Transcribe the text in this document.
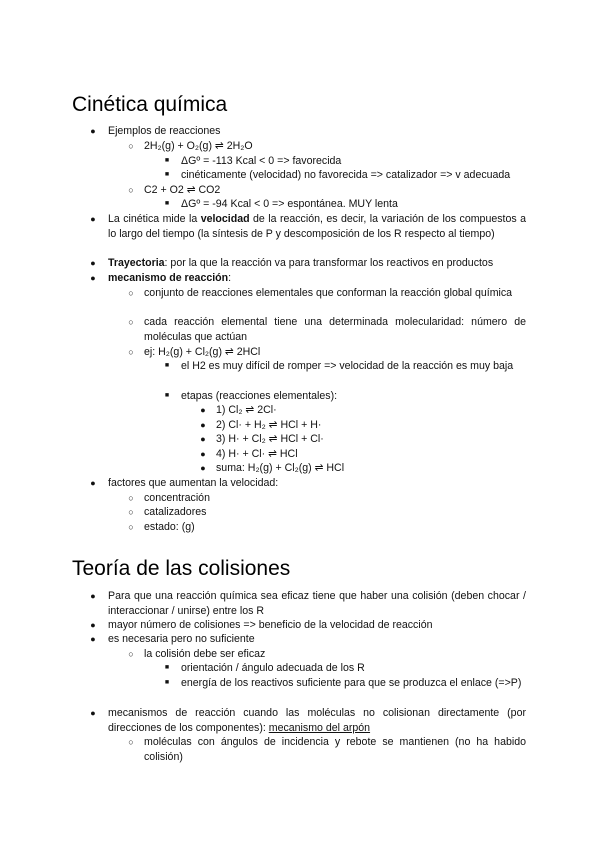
Cinética química
●	Ejemplos de reacciones
○ 2H₂(g) + O₂(g) ⇌ 2H₂O
■	ΔGº = -113 Kcal < 0 => favorecida
■	cinéticamente (velocidad) no favorecida => catalizador => v adecuada
○ C2 + O2 ⇌ CO2
■	ΔGº = -94 Kcal < 0 => espontánea. MUY lenta
●	La cinética mide la velocidad de la reacción, es decir, la variación de los compuestos a lo largo del tiempo (la síntesis de P y descomposición de los R respecto al tiempo)
●	Trayectoria: por la que la reacción va para transformar los reactivos en productos
●	mecanismo de reacción:
○ conjunto de reacciones elementales que conforman la reacción global química
○ cada reacción elemental tiene una determinada molecularidad: número de moléculas que actúan
○ ej: H₂(g) + Cl₂(g) ⇌ 2HCl
■	el H2 es muy difícil de romper => velocidad de la reacción es muy baja
■	etapas (reacciones elementales):
● 1) Cl₂ ⇌ 2Cl·
● 2) Cl· + H₂ ⇌ HCl + H·
● 3) H· + Cl₂ ⇌ HCl + Cl·
● 4) H· + Cl· ⇌ HCl
● suma: H₂(g) + Cl₂(g) ⇌ HCl
●	factores que aumentan la velocidad:
○ concentración
○ catalizadores
○ estado: (g)
Teoría de las colisiones
●	Para que una reacción química sea eficaz tiene que haber una colisión (deben chocar / interaccionar / unirse) entre los R
●	mayor número de colisiones => beneficio de la velocidad de reacción
●	es necesaria pero no suficiente
○ la colisión debe ser eficaz
■	orientación / ángulo adecuada de los R
■	energía de los reactivos suficiente para que se produzca el enlace (=>P)
●	mecanismos de reacción cuando las moléculas no colisionan directamente (por direcciones de los componentes): mecanismo del arpón
○ moléculas con ángulos de incidencia y rebote se mantienen (no ha habido colisión)
